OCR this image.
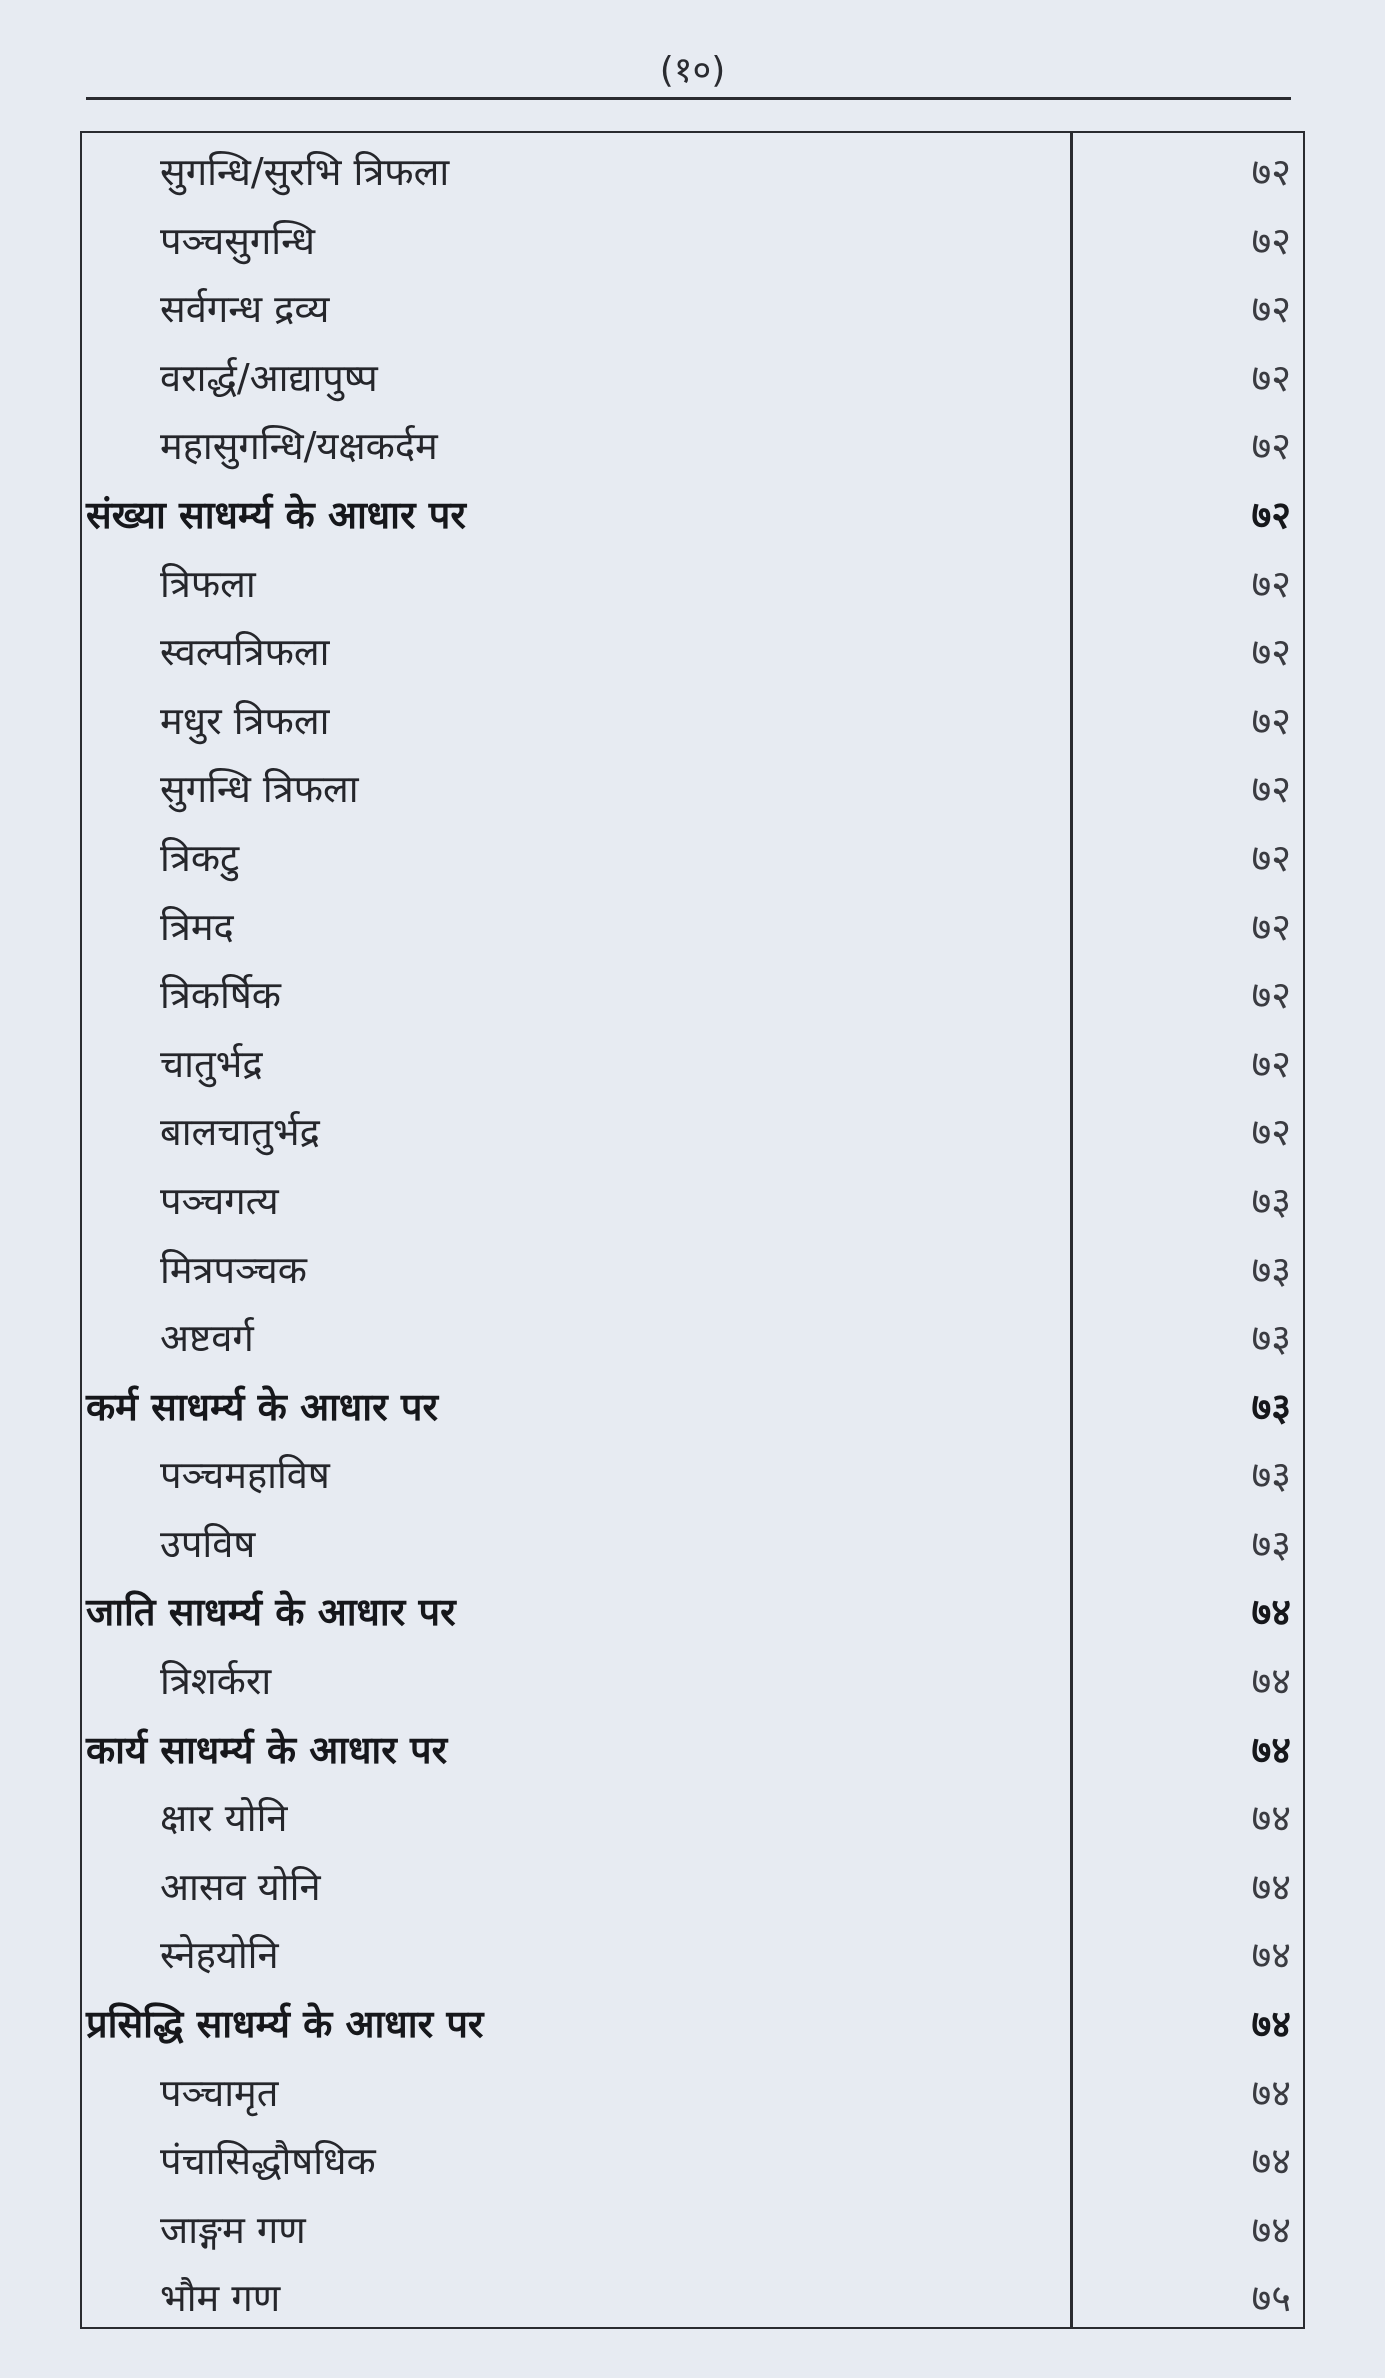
(१०)
सुगन्धि/सुरभि त्रिफला	७२
पञ्चसुगन्धि	७२
सर्वगन्ध द्रव्य	७२
वरार्द्ध/आद्यापुष्प	७२
महासुगन्धि/यक्षकर्दम	७२
संख्या साधर्म्य के आधार पर	७२
त्रिफला	७२
स्वल्पत्रिफला	७२
मधुर त्रिफला	७२
सुगन्धि त्रिफला	७२
त्रिकटु	७२
त्रिमद	७२
त्रिकर्षिक	७२
चातुर्भद्र	७२
बालचातुर्भद्र	७२
पञ्चगत्य	७३
मित्रपञ्चक	७३
अष्टवर्ग	७३
कर्म साधर्म्य के आधार पर	७३
पञ्चमहाविष	७३
उपविष	७३
जाति साधर्म्य के आधार पर	७४
त्रिशर्करा	७४
कार्य साधर्म्य के आधार पर	७४
क्षार योनि	७४
आसव योनि	७४
स्नेहयोनि	७४
प्रसिद्धि साधर्म्य के आधार पर	७४
पञ्चामृत	७४
पंचासिद्धौषधिक	७४
जाङ्गम गण	७४
भौम गण	७५
